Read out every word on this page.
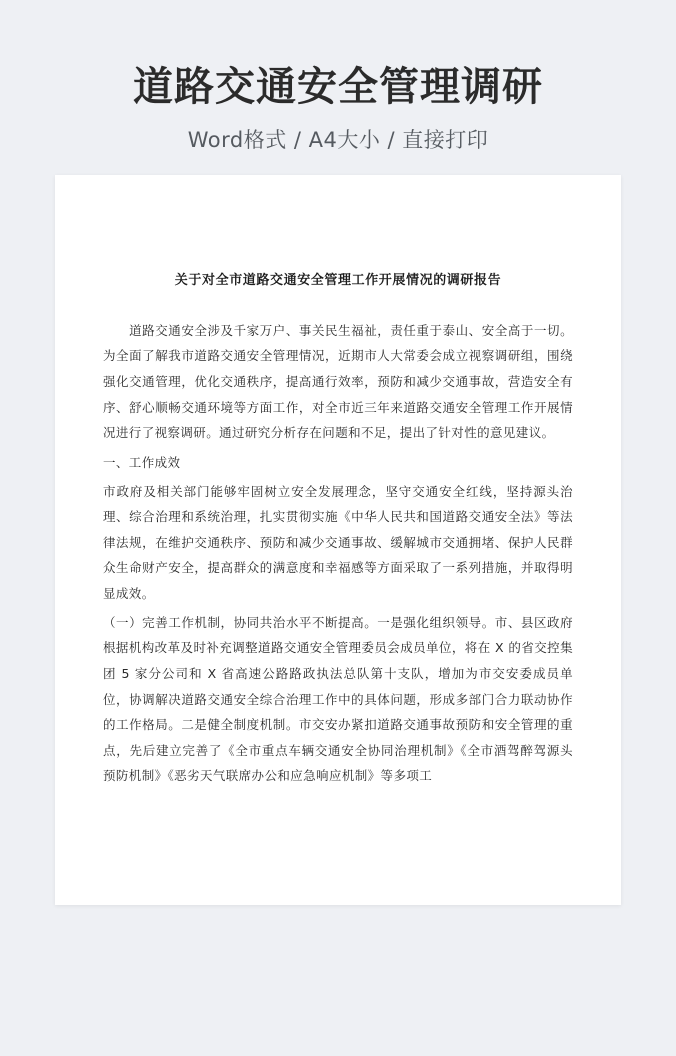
道路交通安全管理调研
Word格式 / A4大小 / 直接打印
关于对全市道路交通安全管理工作开展情况的调研报告

　　道路交通安全涉及千家万户、事关民生福祉，责任重于泰山、安全高于一切。为全面了解我市道路交通安全管理情况，近期市人大常委会成立视察调研组，围绕强化交通管理，优化交通秩序，提高通行效率，预防和减少交通事故，营造安全有序、舒心顺畅交通环境等方面工作，对全市近三年来道路交通安全管理工作开展情况进行了视察调研。通过研究分析存在问题和不足，提出了针对性的意见建议。

一、工作成效

市政府及相关部门能够牢固树立安全发展理念，坚守交通安全红线，坚持源头治理、综合治理和系统治理，扎实贯彻实施《中华人民共和国道路交通安全法》等法律法规，在维护交通秩序、预防和减少交通事故、缓解城市交通拥堵、保护人民群众生命财产安全，提高群众的满意度和幸福感等方面采取了一系列措施，并取得明显成效。

（一）完善工作机制，协同共治水平不断提高。一是强化组织领导。市、县区政府根据机构改革及时补充调整道路交通安全管理委员会成员单位，将在 X 的省交控集团 5 家分公司和 X 省高速公路路政执法总队第十支队，增加为市交安委成员单位，协调解决道路交通安全综合治理工作中的具体问题，形成多部门合力联动协作的工作格局。二是健全制度机制。市交安办紧扣道路交通事故预防和安全管理的重点，先后建立完善了《全市重点车辆交通安全协同治理机制》《全市酒驾醉驾源头预防机制》《恶劣天气联席办公和应急响应机制》等多项工
